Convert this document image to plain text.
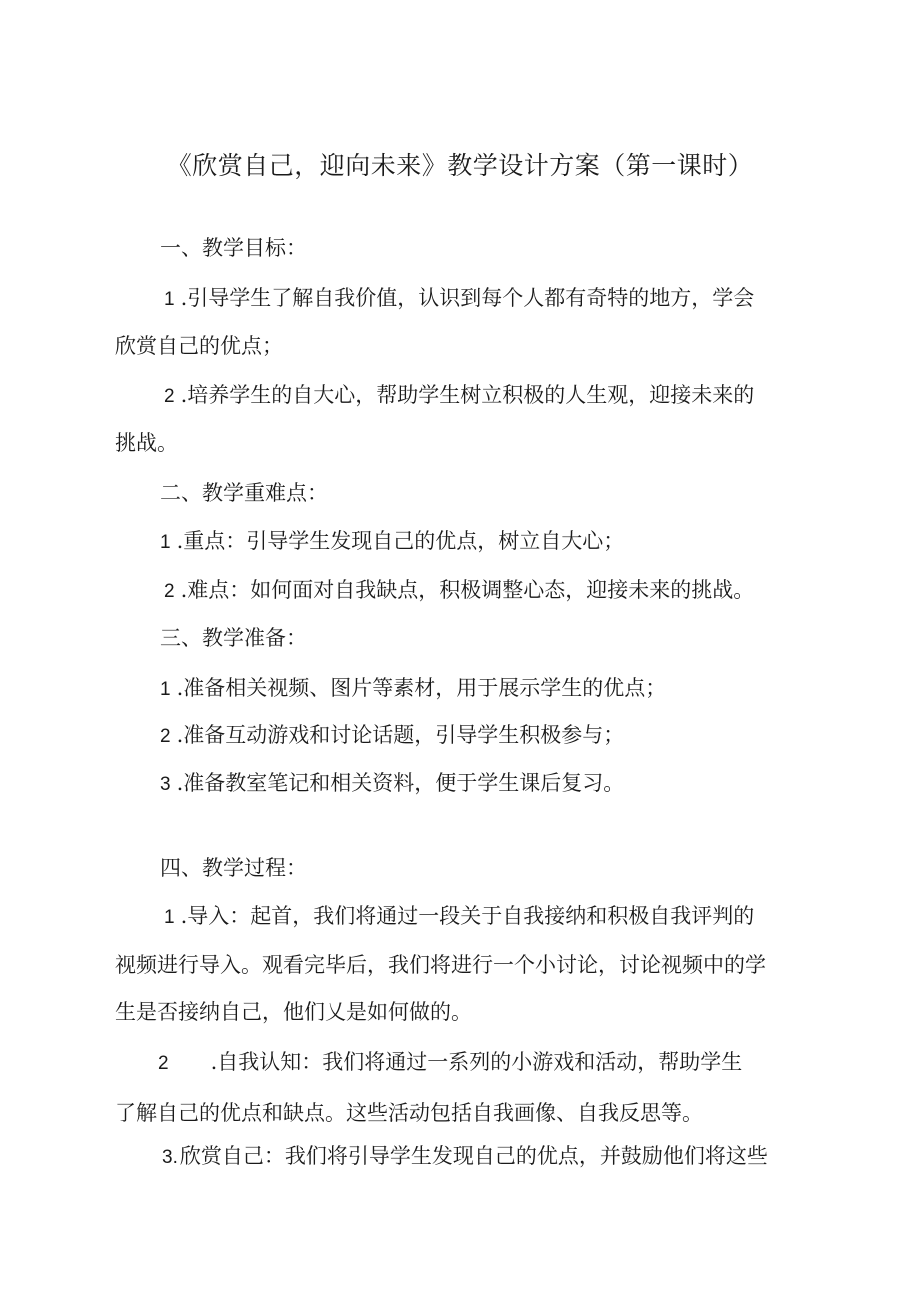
《欣赏自己，迎向未来》教学设计方案（第一课时）
一、教学目标：
1 .引导学生了解自我价值，认识到每个人都有奇特的地方，学会
欣赏自己的优点；
2 .培养学生的自大心，帮助学生树立积极的人生观，迎接未来的
挑战。
二、教学重难点：
1 .重点：引导学生发现自己的优点，树立自大心；
2 .难点：如何面对自我缺点，积极调整心态，迎接未来的挑战。
三、教学准备：
1 .准备相关视频、图片等素材，用于展示学生的优点；
2 .准备互动游戏和讨论话题，引导学生积极参与；
3 .准备教室笔记和相关资料，便于学生课后复习。
四、教学过程：
1 .导入：起首，我们将通过一段关于自我接纳和积极自我评判的
视频进行导入。观看完毕后，我们将进行一个小讨论，讨论视频中的学
生是否接纳自己，他们乂是如何做的。
2 .自我认知：我们将通过一系列的小游戏和活动，帮助学生
了解自己的优点和缺点。这些活动包括自我画像、自我反思等。
3.欣赏自己：我们将引导学生发现自己的优点，并鼓励他们将这些
